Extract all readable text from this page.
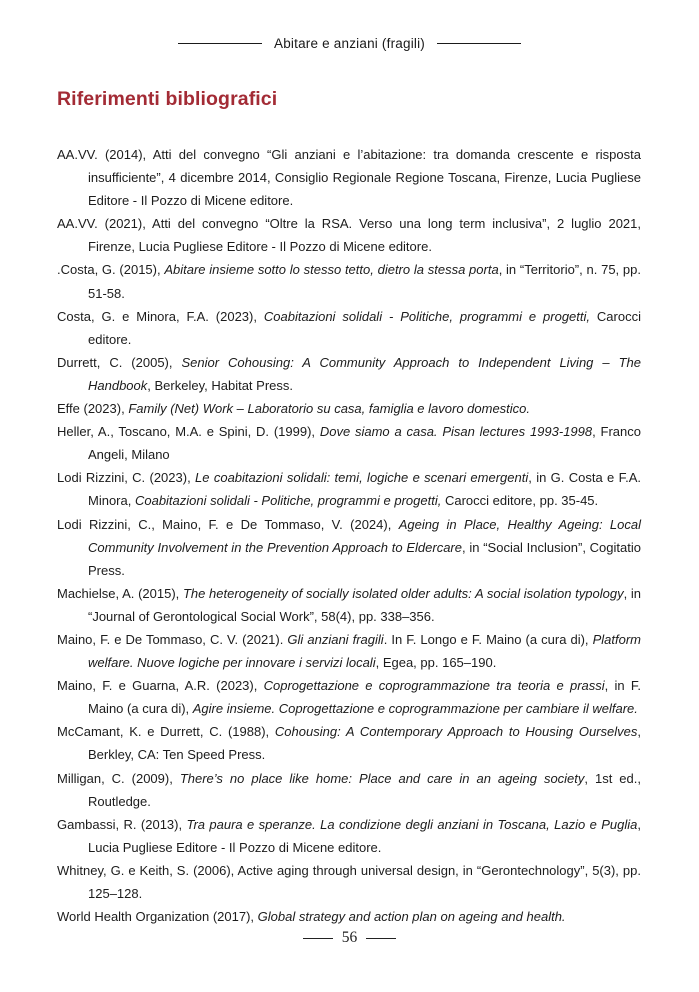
Abitare e anziani (fragili)
Riferimenti bibliografici

AA.VV. (2014), Atti del convegno “Gli anziani e l’abitazione: tra domanda crescente e risposta insufficiente”, 4 dicembre 2014, Consiglio Regionale Regione Toscana, Firenze, Lucia Pugliese Editore - Il Pozzo di Micene editore.

AA.VV. (2021), Atti del convegno “Oltre la RSA. Verso una long term inclusiva”, 2 luglio 2021, Firenze, Lucia Pugliese Editore - Il Pozzo di Micene editore.

.Costa, G. (2015), Abitare insieme sotto lo stesso tetto, dietro la stessa porta, in “Territorio”, n. 75, pp. 51-58.

Costa, G. e Minora, F.A. (2023), Coabitazioni solidali - Politiche, programmi e progetti, Carocci editore.

Durrett, C. (2005), Senior Cohousing: A Community Approach to Independent Living – The Handbook, Berkeley, Habitat Press.

Effe (2023), Family (Net) Work – Laboratorio su casa, famiglia e lavoro domestico.

Heller, A., Toscano, M.A. e Spini, D. (1999), Dove siamo a casa. Pisan lectures 1993-1998, Franco Angeli, Milano

Lodi Rizzini, C. (2023), Le coabitazioni solidali: temi, logiche e scenari emergenti, in G. Costa e F.A. Minora, Coabitazioni solidali - Politiche, programmi e progetti, Carocci editore, pp. 35-45.

Lodi Rizzini, C., Maino, F. e De Tommaso, V. (2024), Ageing in Place, Healthy Ageing: Local Community Involvement in the Prevention Approach to Eldercare, in “Social Inclusion”, Cogitatio Press.

Machielse, A. (2015), The heterogeneity of socially isolated older adults: A social isolation typology, in “Journal of Gerontological Social Work”, 58(4), pp. 338–356.

Maino, F. e De Tommaso, C. V. (2021). Gli anziani fragili. In F. Longo e F. Maino (a cura di), Platform welfare. Nuove logiche per innovare i servizi locali, Egea, pp. 165–190.

Maino, F. e Guarna, A.R. (2023), Coprogettazione e coprogrammazione tra teoria e prassi, in F. Maino (a cura di), Agire insieme. Coprogettazione e coprogrammazione per cambiare il welfare.

McCamant, K. e Durrett, C. (1988), Cohousing: A Contemporary Approach to Housing Ourselves, Berkley, CA: Ten Speed Press.

Milligan, C. (2009), There’s no place like home: Place and care in an ageing society, 1st ed., Routledge.

Gambassi, R. (2013), Tra paura e speranze. La condizione degli anziani in Toscana, Lazio e Puglia, Lucia Pugliese Editore - Il Pozzo di Micene editore.

Whitney, G. e Keith, S. (2006), Active aging through universal design, in “Gerontechnology”, 5(3), pp. 125–128.

World Health Organization (2017), Global strategy and action plan on ageing and health.

56
